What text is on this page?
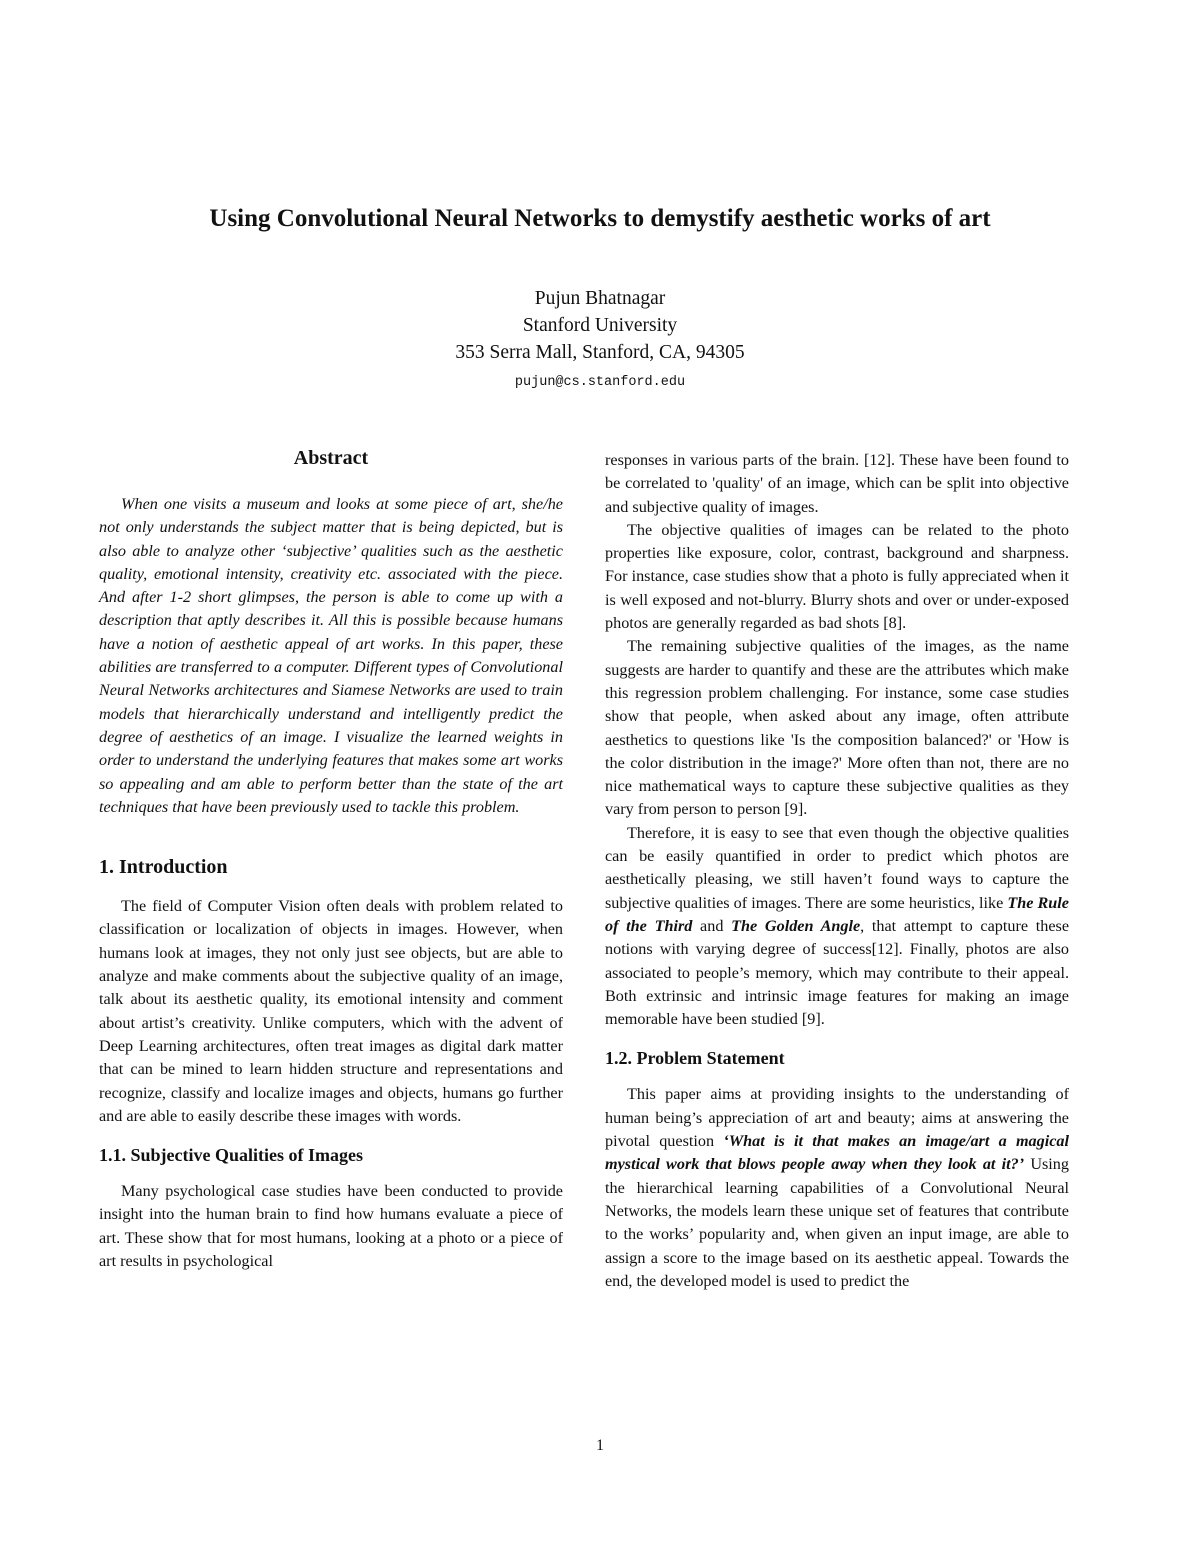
Using Convolutional Neural Networks to demystify aesthetic works of art
Pujun Bhatnagar
Stanford University
353 Serra Mall, Stanford, CA, 94305
pujun@cs.stanford.edu
Abstract

When one visits a museum and looks at some piece of art, she/he not only understands the subject matter that is being depicted, but is also able to analyze other ‘subjective’ qualities such as the aesthetic quality, emotional intensity, creativity etc. associated with the piece. And after 1-2 short glimpses, the person is able to come up with a description that aptly describes it. All this is possible because humans have a notion of aesthetic appeal of art works. In this paper, these abilities are transferred to a computer. Different types of Convolutional Neural Networks architectures and Siamese Networks are used to train models that hierarchically understand and intelligently predict the degree of aesthetics of an image. I visualize the learned weights in order to understand the underlying features that makes some art works so appealing and am able to perform better than the state of the art techniques that have been previously used to tackle this problem.

1. Introduction

The field of Computer Vision often deals with problem related to classification or localization of objects in images. However, when humans look at images, they not only just see objects, but are able to analyze and make comments about the subjective quality of an image, talk about its aesthetic quality, its emotional intensity and comment about artist’s creativity. Unlike computers, which with the advent of Deep Learning architectures, often treat images as digital dark matter that can be mined to learn hidden structure and representations and recognize, classify and localize images and objects, humans go further and are able to easily describe these images with words.

1.1. Subjective Qualities of Images

Many psychological case studies have been conducted to provide insight into the human brain to find how humans evaluate a piece of art. These show that for most humans, looking at a photo or a piece of art results in psychological

responses in various parts of the brain. [12]. These have been found to be correlated to 'quality' of an image, which can be split into objective and subjective quality of images.

The objective qualities of images can be related to the photo properties like exposure, color, contrast, background and sharpness. For instance, case studies show that a photo is fully appreciated when it is well exposed and not-blurry. Blurry shots and over or under-exposed photos are generally regarded as bad shots [8].

The remaining subjective qualities of the images, as the name suggests are harder to quantify and these are the attributes which make this regression problem challenging. For instance, some case studies show that people, when asked about any image, often attribute aesthetics to questions like 'Is the composition balanced?' or 'How is the color distribution in the image?' More often than not, there are no nice mathematical ways to capture these subjective qualities as they vary from person to person [9].

Therefore, it is easy to see that even though the objective qualities can be easily quantified in order to predict which photos are aesthetically pleasing, we still haven’t found ways to capture the subjective qualities of images. There are some heuristics, like The Rule of the Third and The Golden Angle, that attempt to capture these notions with varying degree of success[12]. Finally, photos are also associated to people’s memory, which may contribute to their appeal. Both extrinsic and intrinsic image features for making an image memorable have been studied [9].

1.2. Problem Statement

This paper aims at providing insights to the understanding of human being’s appreciation of art and beauty; aims at answering the pivotal question ‘What is it that makes an image/art a magical mystical work that blows people away when they look at it?’ Using the hierarchical learning capabilities of a Convolutional Neural Networks, the models learn these unique set of features that contribute to the works’ popularity and, when given an input image, are able to assign a score to the image based on its aesthetic appeal. Towards the end, the developed model is used to predict the

1
